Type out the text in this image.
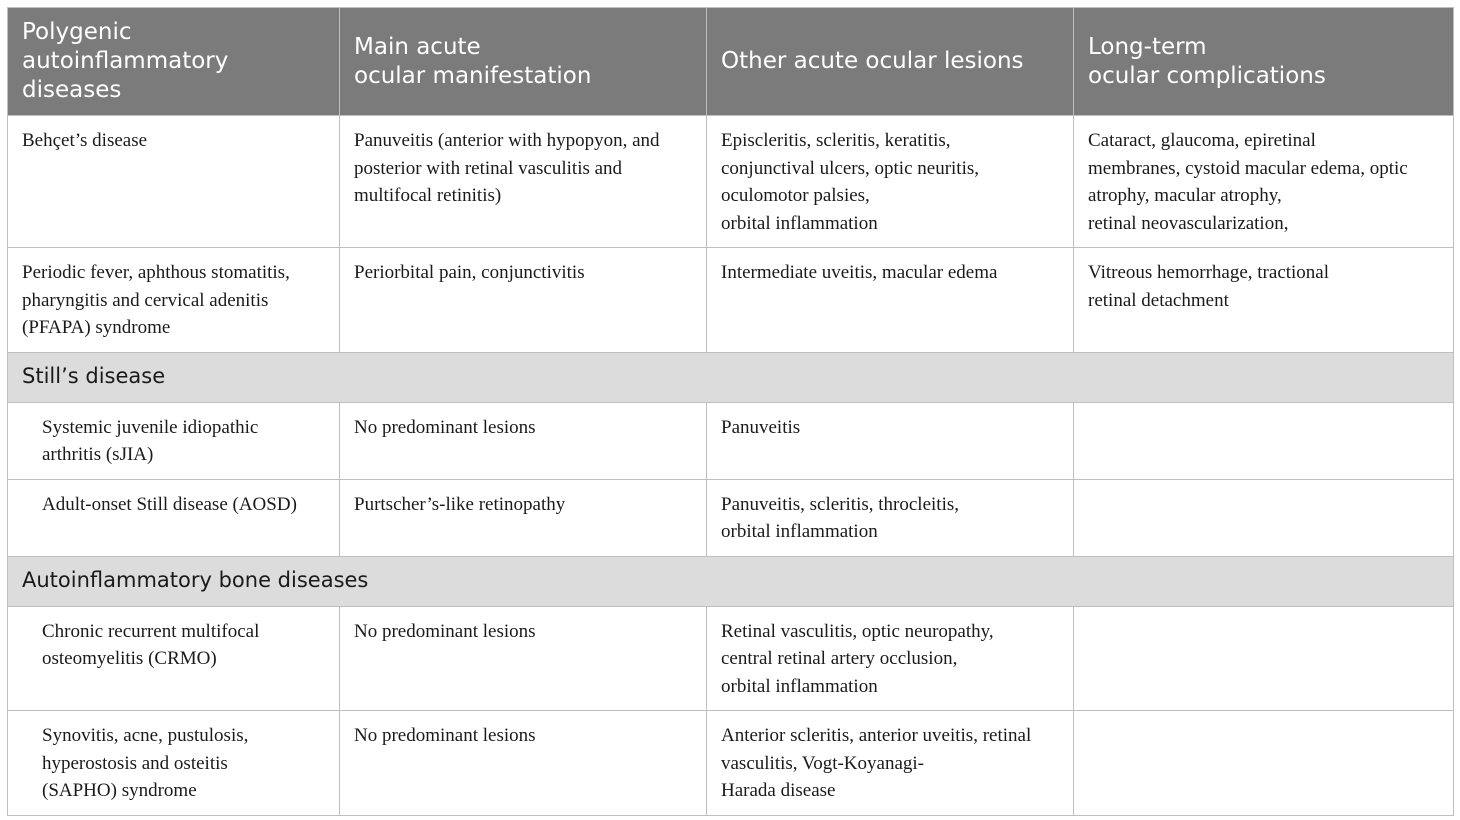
Polygenic
autoinflammatory
diseases	Main acute
ocular manifestation	Other acute ocular lesions	Long-term
ocular complications

Behçet’s disease	Panuveitis (anterior with hypopyon, and
posterior with retinal vasculitis and
multifocal retinitis)	Episcleritis, scleritis, keratitis,
conjunctival ulcers, optic neuritis,
oculomotor palsies,
orbital inflammation	Cataract, glaucoma, epiretinal
membranes, cystoid macular edema, optic
atrophy, macular atrophy,
retinal neovascularization,

Periodic fever, aphthous stomatitis,
pharyngitis and cervical adenitis
(PFAPA) syndrome	Periorbital pain, conjunctivitis	Intermediate uveitis, macular edema	Vitreous hemorrhage, tractional
retinal detachment

Still’s disease			

Systemic juvenile idiopathic
arthritis (sJIA)	No predominant lesions	Panuveitis	

Adult-onset Still disease (AOSD)	Purtscher’s-like retinopathy	Panuveitis, scleritis, throcleitis,
orbital inflammation	

Autoinflammatory bone diseases			

Chronic recurrent multifocal
osteomyelitis (CRMO)	No predominant lesions	Retinal vasculitis, optic neuropathy,
central retinal artery occlusion,
orbital inflammation	

Synovitis, acne, pustulosis,
hyperostosis and osteitis
(SAPHO) syndrome	No predominant lesions	Anterior scleritis, anterior uveitis, retinal
vasculitis, Vogt-Koyanagi-
Harada disease	
